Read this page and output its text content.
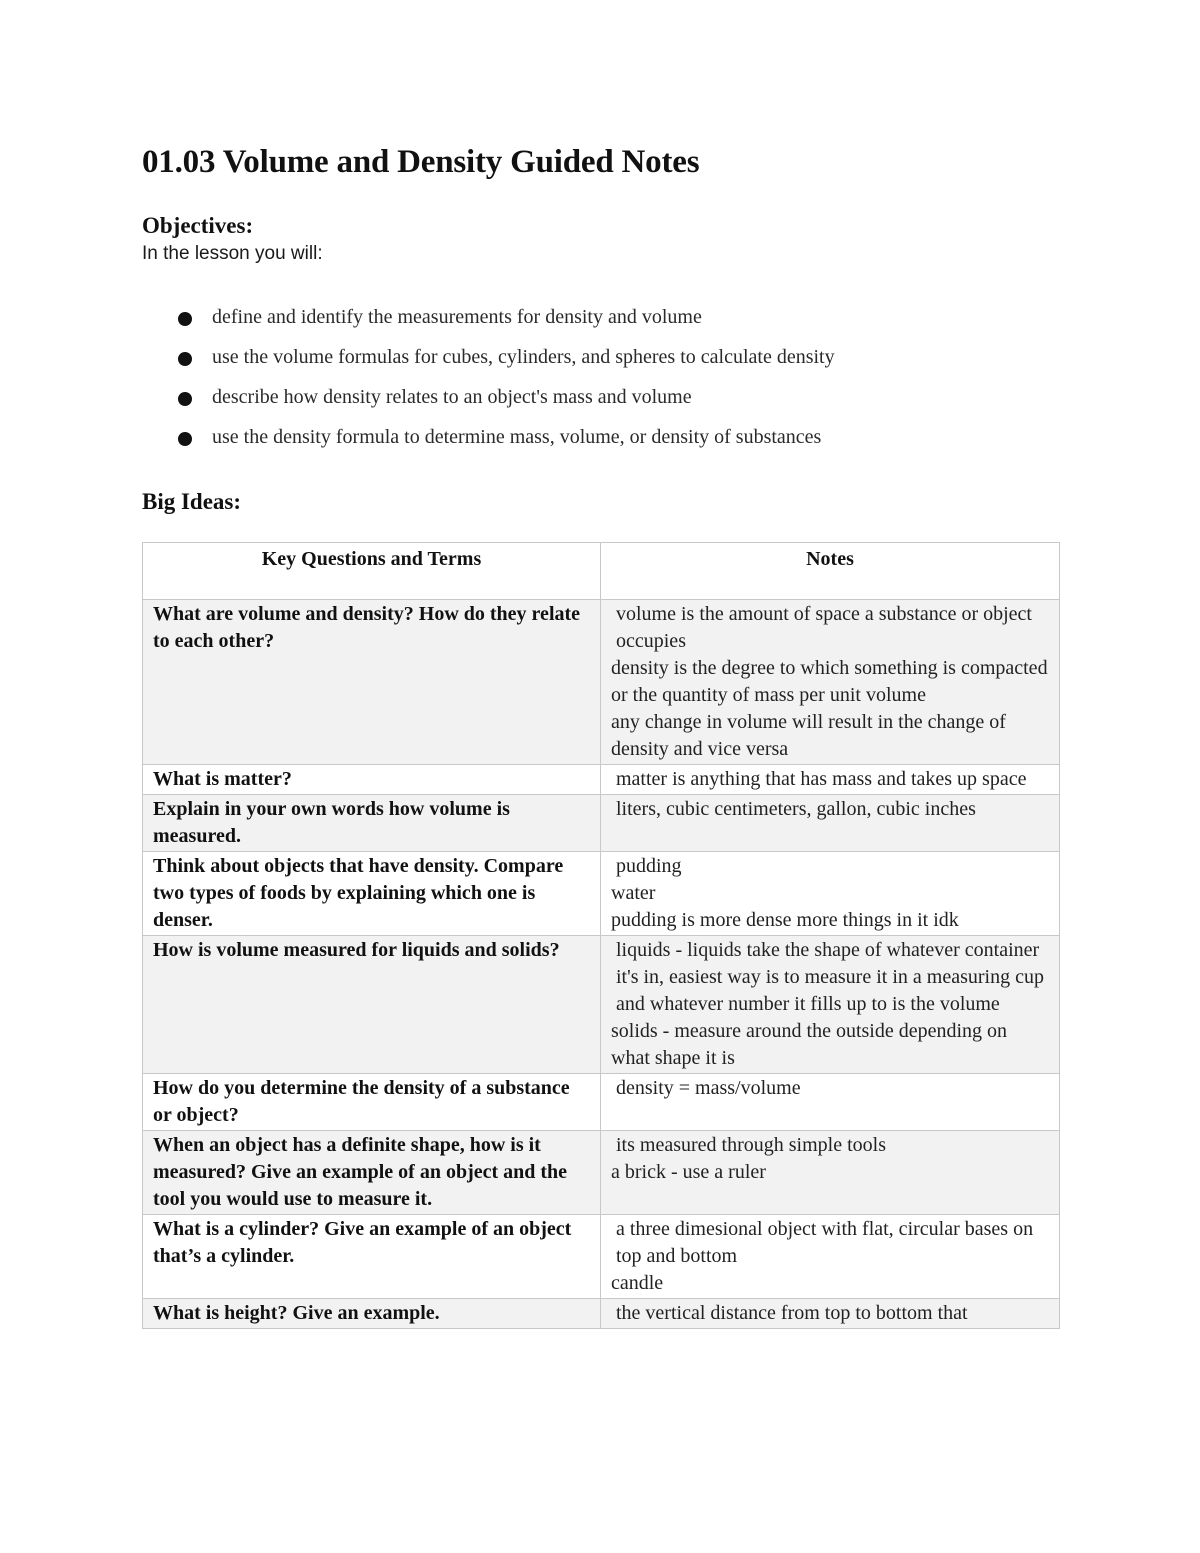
01.03 Volume and Density Guided Notes
Objectives:

In the lesson you will:

define and identify the measurements for density and volume
use the volume formulas for cubes, cylinders, and spheres to calculate density
describe how density relates to an object's mass and volume
use the density formula to determine mass, volume, or density of substances
Big Ideas:
Key Questions and Terms	Notes
What are volume and density? How do they relate to each other?	volume is the amount of space a substance or object occupies
density is the degree to which something is compacted or the quantity of mass per unit volume
any change in volume will result in the change of density and vice versa

What is matter?	matter is anything that has mass and takes up space

Explain in your own words how volume is measured.	liters, cubic centimeters, gallon, cubic inches

Think about objects that have density. Compare two types of foods by explaining which one is denser.	pudding
water
pudding is more dense more things in it idk

How is volume measured for liquids and solids?	liquids - liquids take the shape of whatever container it's in, easiest way is to measure it in a measuring cup and whatever number it fills up to is the volume
solids - measure around the outside depending on what shape it is

How do you determine the density of a substance or object?	density = mass/volume

When an object has a definite shape, how is it measured? Give an example of an object and the tool you would use to measure it.	its measured through simple tools
a brick - use a ruler

What is a cylinder? Give an example of an object that’s a cylinder.	a three dimesional object with flat, circular bases on top and bottom
candle

What is height? Give an example.	the vertical distance from top to bottom that
